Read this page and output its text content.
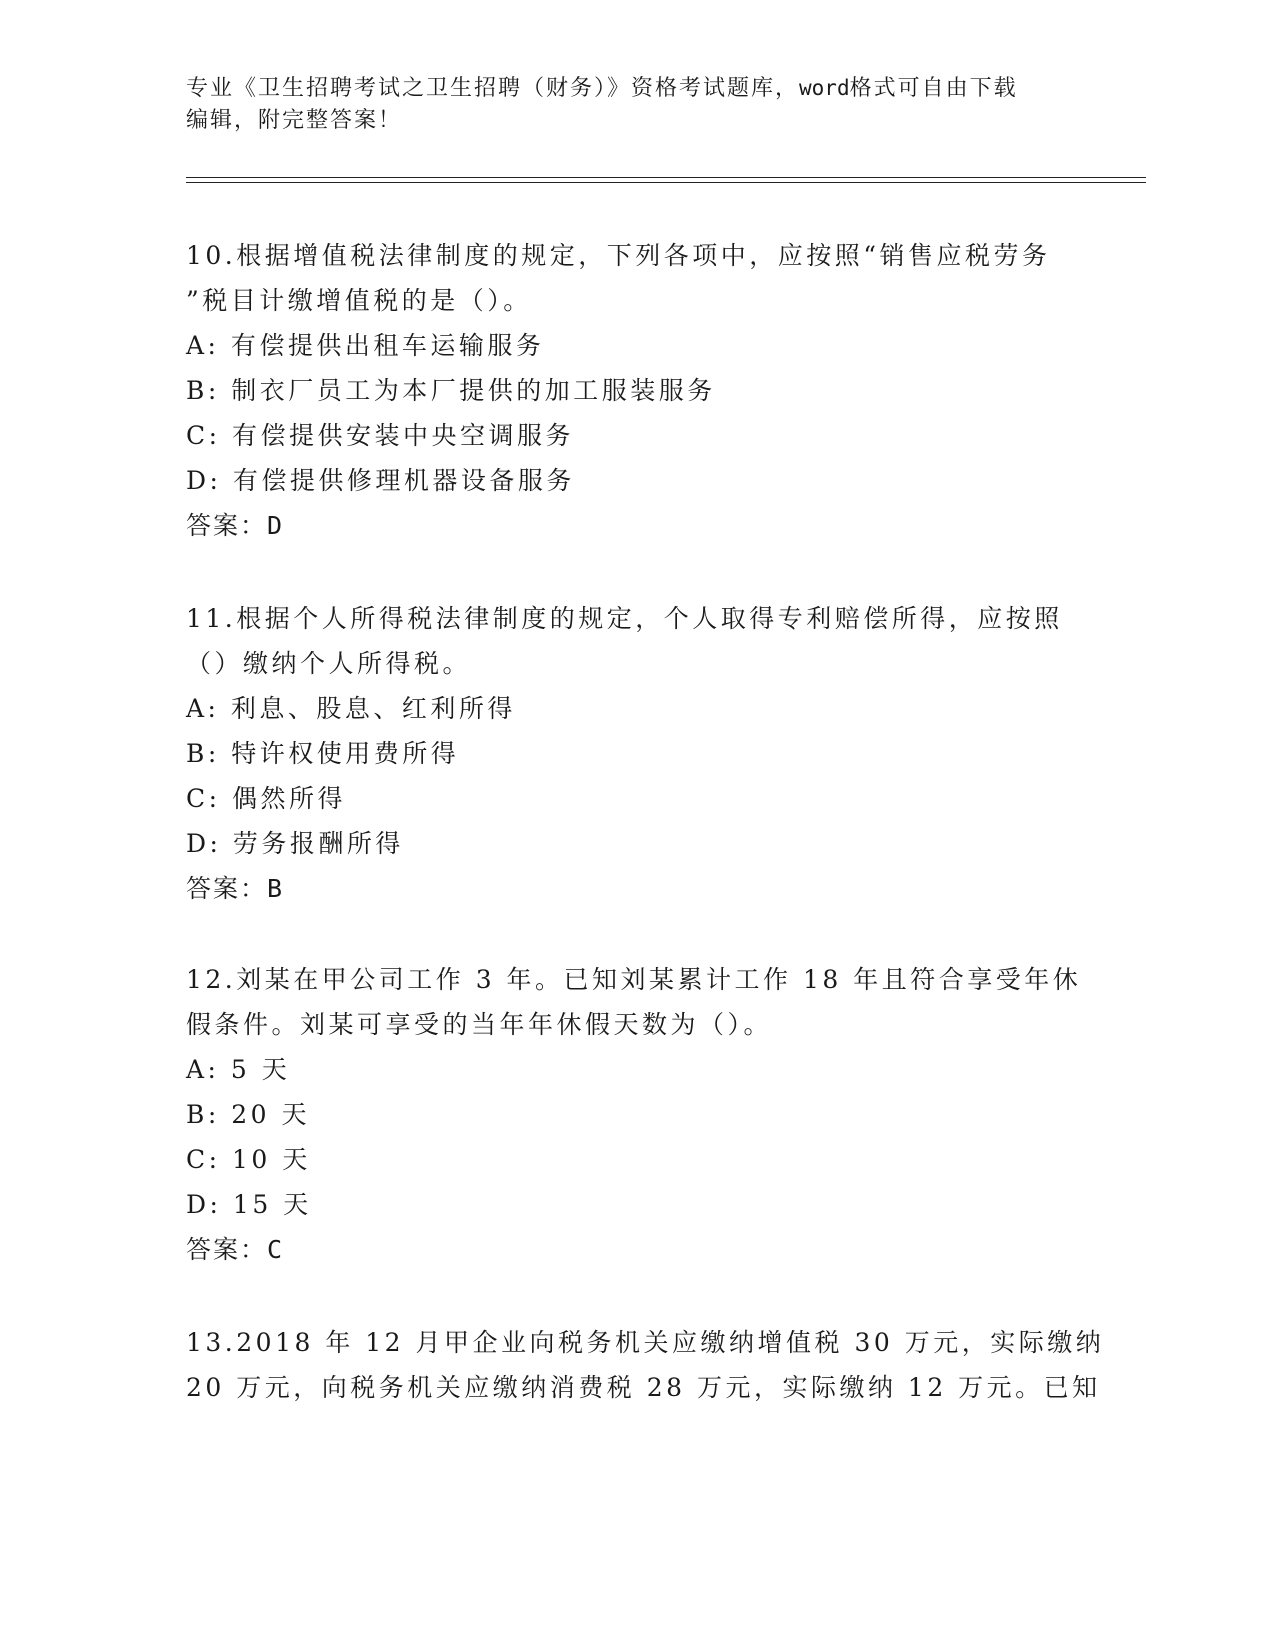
专业《卫生招聘考试之卫生招聘（财务）》资格考试题库，word格式可自由下载
编辑，附完整答案！
10.根据增值税法律制度的规定，下列各项中，应按照“销售应税劳务
”税目计缴增值税的是（）。
A: 有偿提供出租车运输服务
B: 制衣厂员工为本厂提供的加工服装服务
C: 有偿提供安装中央空调服务
D: 有偿提供修理机器设备服务
答案：D
11.根据个人所得税法律制度的规定，个人取得专利赔偿所得，应按照
（）缴纳个人所得税。
A: 利息、股息、红利所得
B: 特许权使用费所得
C: 偶然所得
D: 劳务报酬所得
答案：B
12.刘某在甲公司工作 3 年。已知刘某累计工作 18 年且符合享受年休
假条件。刘某可享受的当年年休假天数为（）。
A: 5 天
B: 20 天
C: 10 天
D: 15 天
答案：C
13.2018 年 12 月甲企业向税务机关应缴纳增值税 30 万元，实际缴纳
20 万元，向税务机关应缴纳消费税 28 万元，实际缴纳 12 万元。已知
